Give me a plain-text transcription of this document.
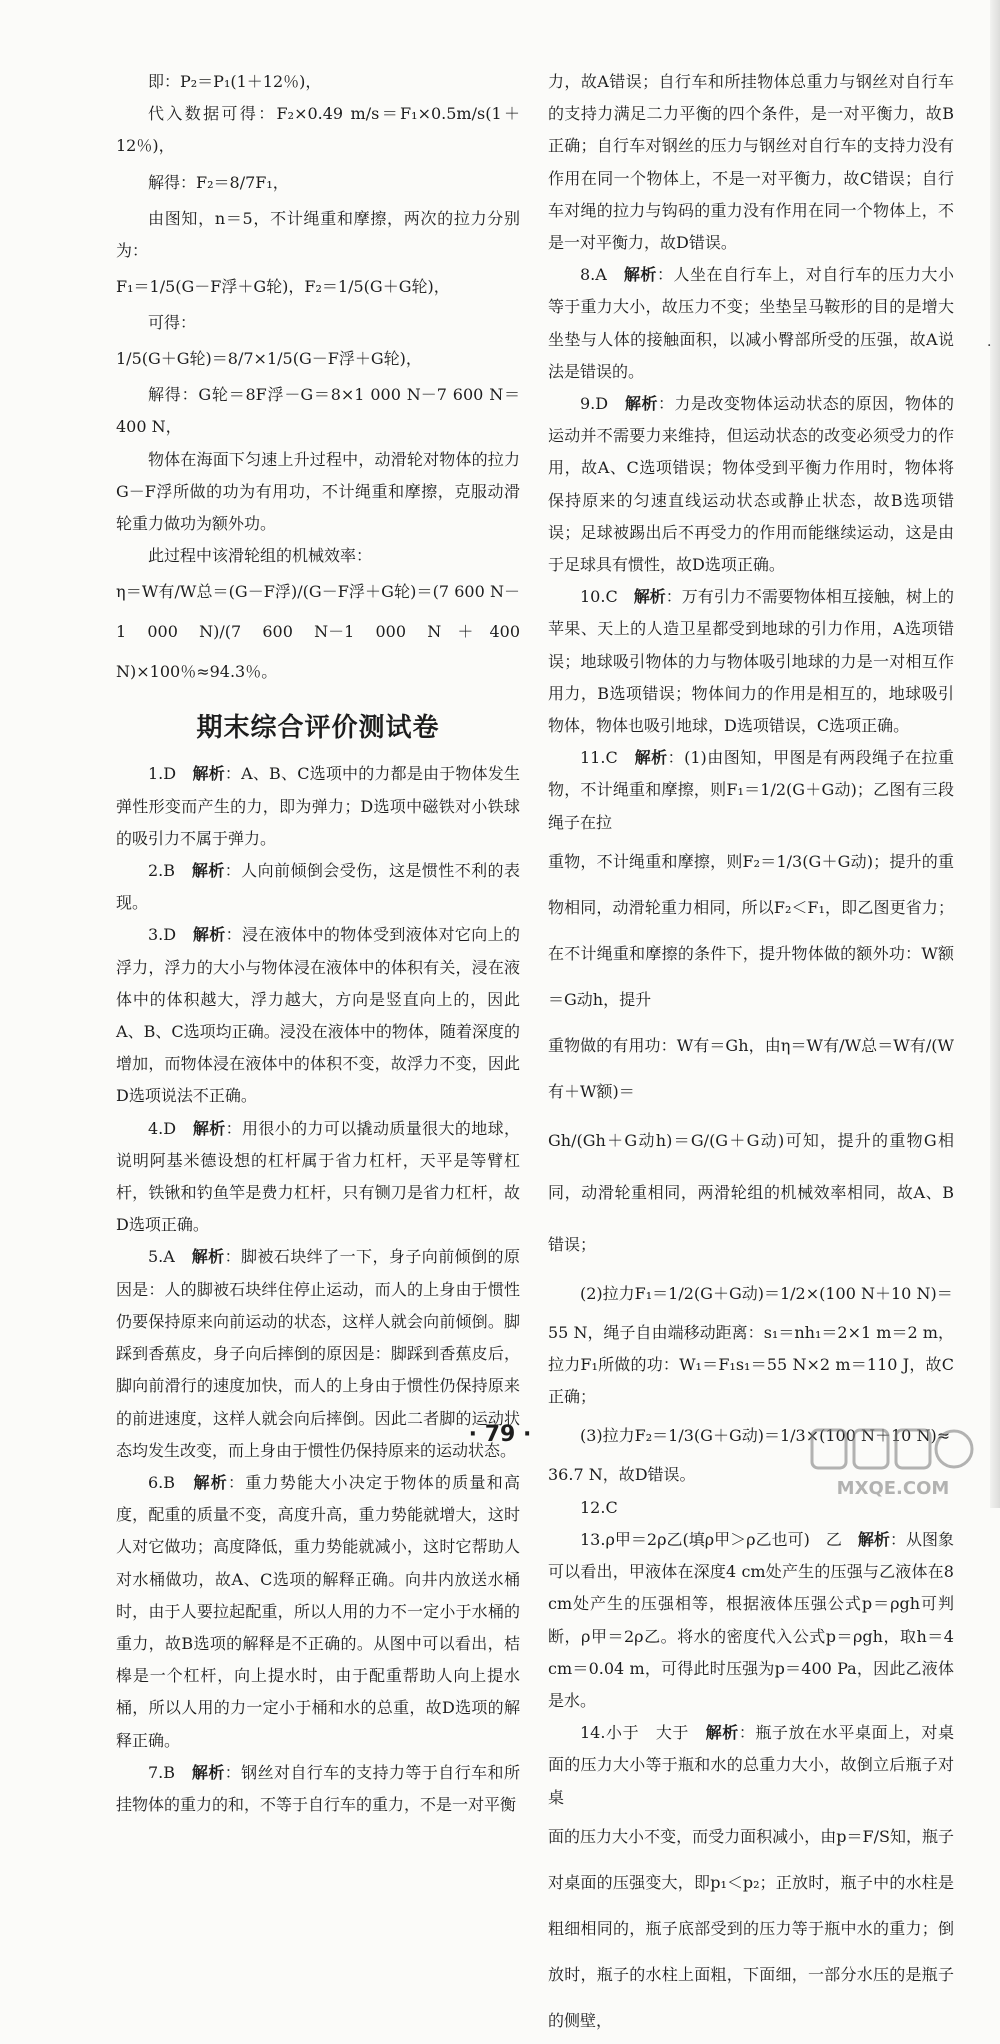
·

即：P₂＝P₁(1＋12％)，

代入数据可得：F₂×0.49 m/s＝F₁×0.5m/s(1＋12％)，

解得：F₂＝8/7F₁，

由图知，n＝5，不计绳重和摩擦，两次的拉力分别为：

F₁＝1/5(G－F浮＋G轮)，F₂＝1/5(G＋G轮)，

可得：

1/5(G＋G轮)＝8/7×1/5(G－F浮＋G轮)，

解得：G轮＝8F浮－G＝8×1 000 N－7 600 N＝400 N，

物体在海面下匀速上升过程中，动滑轮对物体的拉力G－F浮所做的功为有用功，不计绳重和摩擦，克服动滑轮重力做功为额外功。

此过程中该滑轮组的机械效率：

η＝W有/W总＝(G－F浮)/(G－F浮＋G轮)＝(7 600 N－1 000 N)/(7 600 N－1 000 N＋400 N)×100％≈94.3％。

期末综合评价测试卷

1.D　 解析：A、B、C选项中的力都是由于物体发生弹性形变而产生的力，即为弹力；D选项中磁铁对小铁球的吸引力不属于弹力。

2.B　 解析：人向前倾倒会受伤，这是惯性不利的表现。

3.D　 解析：浸在液体中的物体受到液体对它向上的浮力，浮力的大小与物体浸在液体中的体积有关，浸在液体中的体积越大，浮力越大，方向是竖直向上的，因此A、B、C选项均正确。浸没在液体中的物体，随着深度的增加，而物体浸在液体中的体积不变，故浮力不变，因此D选项说法不正确。

4.D　 解析：用很小的力可以撬动质量很大的地球，说明阿基米德设想的杠杆属于省力杠杆，天平是等臂杠杆，铁锹和钓鱼竿是费力杠杆，只有铡刀是省力杠杆，故D选项正确。

5.A　 解析：脚被石块绊了一下，身子向前倾倒的原因是：人的脚被石块绊住停止运动，而人的上身由于惯性仍要保持原来向前运动的状态，这样人就会向前倾倒。脚踩到香蕉皮，身子向后摔倒的原因是：脚踩到香蕉皮后，脚向前滑行的速度加快，而人的上身由于惯性仍保持原来的前进速度，这样人就会向后摔倒。因此二者脚的运动状态均发生改变，而上身由于惯性仍保持原来的运动状态。

6.B　 解析：重力势能大小决定于物体的质量和高度，配重的质量不变，高度升高，重力势能就增大，这时人对它做功；高度降低，重力势能就减小，这时它帮助人对水桶做功，故A、C选项的解释正确。向井内放送水桶时，由于人要拉起配重，所以人用的力不一定小于水桶的重力，故B选项的解释是不正确的。从图中可以看出，桔槔是一个杠杆，向上提水时，由于配重帮助人向上提水桶，所以人用的力一定小于桶和水的总重，故D选项的解释正确。

7.B　 解析：钢丝对自行车的支持力等于自行车和所挂物体的重力的和，不等于自行车的重力，不是一对平衡

力，故A错误；自行车和所挂物体总重力与钢丝对自行车的支持力满足二力平衡的四个条件，是一对平衡力，故B正确；自行车对钢丝的压力与钢丝对自行车的支持力没有作用在同一个物体上，不是一对平衡力，故C错误；自行车对绳的拉力与钩码的重力没有作用在同一个物体上，不是一对平衡力，故D错误。

8.A　 解析：人坐在自行车上，对自行车的压力大小等于重力大小，故压力不变；坐垫呈马鞍形的目的是增大坐垫与人体的接触面积，以减小臀部所受的压强，故A说法是错误的。

9.D　 解析：力是改变物体运动状态的原因，物体的运动并不需要力来维持，但运动状态的改变必须受力的作用，故A、C选项错误；物体受到平衡力作用时，物体将保持原来的匀速直线运动状态或静止状态，故B选项错误；足球被踢出后不再受力的作用而能继续运动，这是由于足球具有惯性，故D选项正确。

10.C　 解析：万有引力不需要物体相互接触，树上的苹果、天上的人造卫星都受到地球的引力作用，A选项错误；地球吸引物体的力与物体吸引地球的力是一对相互作用力，B选项错误；物体间力的作用是相互的，地球吸引物体，物体也吸引地球，D选项错误，C选项正确。

11.C　 解析：(1)由图知，甲图是有两段绳子在拉重物，不计绳重和摩擦，则F₁＝1/2(G＋G动)；乙图有三段绳子在拉

重物，不计绳重和摩擦，则F₂＝1/3(G＋G动)；提升的重物相同，动滑轮重力相同，所以F₂＜F₁，即乙图更省力；在不计绳重和摩擦的条件下，提升物体做的额外功：W额＝G动h，提升

重物做的有用功：W有＝Gh，由η＝W有/W总＝W有/(W有＋W额)＝

Gh/(Gh＋G动h)＝G/(G＋G动)可知，提升的重物G相同，动滑轮重相同，两滑轮组的机械效率相同，故A、B错误；

(2)拉力F₁＝1/2(G＋G动)＝1/2×(100 N＋10 N)＝

55 N，绳子自由端移动距离：s₁＝nh₁＝2×1 m＝2 m，拉力F₁所做的功：W₁＝F₁s₁＝55 N×2 m＝110 J，故C正确；

(3)拉力F₂＝1/3(G＋G动)＝1/3×(100 N＋10 N)≈

36.7 N，故D错误。

12.C

13.ρ甲＝2ρ乙(填ρ甲＞ρ乙也可)　乙　 解析：从图象可以看出，甲液体在深度4 cm处产生的压强与乙液体在8 cm处产生的压强相等，根据液体压强公式p＝ρgh可判断，ρ甲＝2ρ乙。将水的密度代入公式p＝ρgh，取h＝4 cm＝0.04 m，可得此时压强为p＝400 Pa，因此乙液体是水。

14.小于　大于　 解析：瓶子放在水平桌面上，对桌面的压力大小等于瓶和水的总重力大小，故倒立后瓶子对桌

面的压力大小不变，而受力面积减小，由p＝F/S知，瓶子对桌面的压强变大，即p₁＜p₂；正放时，瓶子中的水柱是粗细相同的，瓶子底部受到的压力等于瓶中水的重力；倒放时，瓶子的水柱上面粗，下面细，一部分水压的是瓶子的侧壁，

· 79 ·
MXQE.COM
